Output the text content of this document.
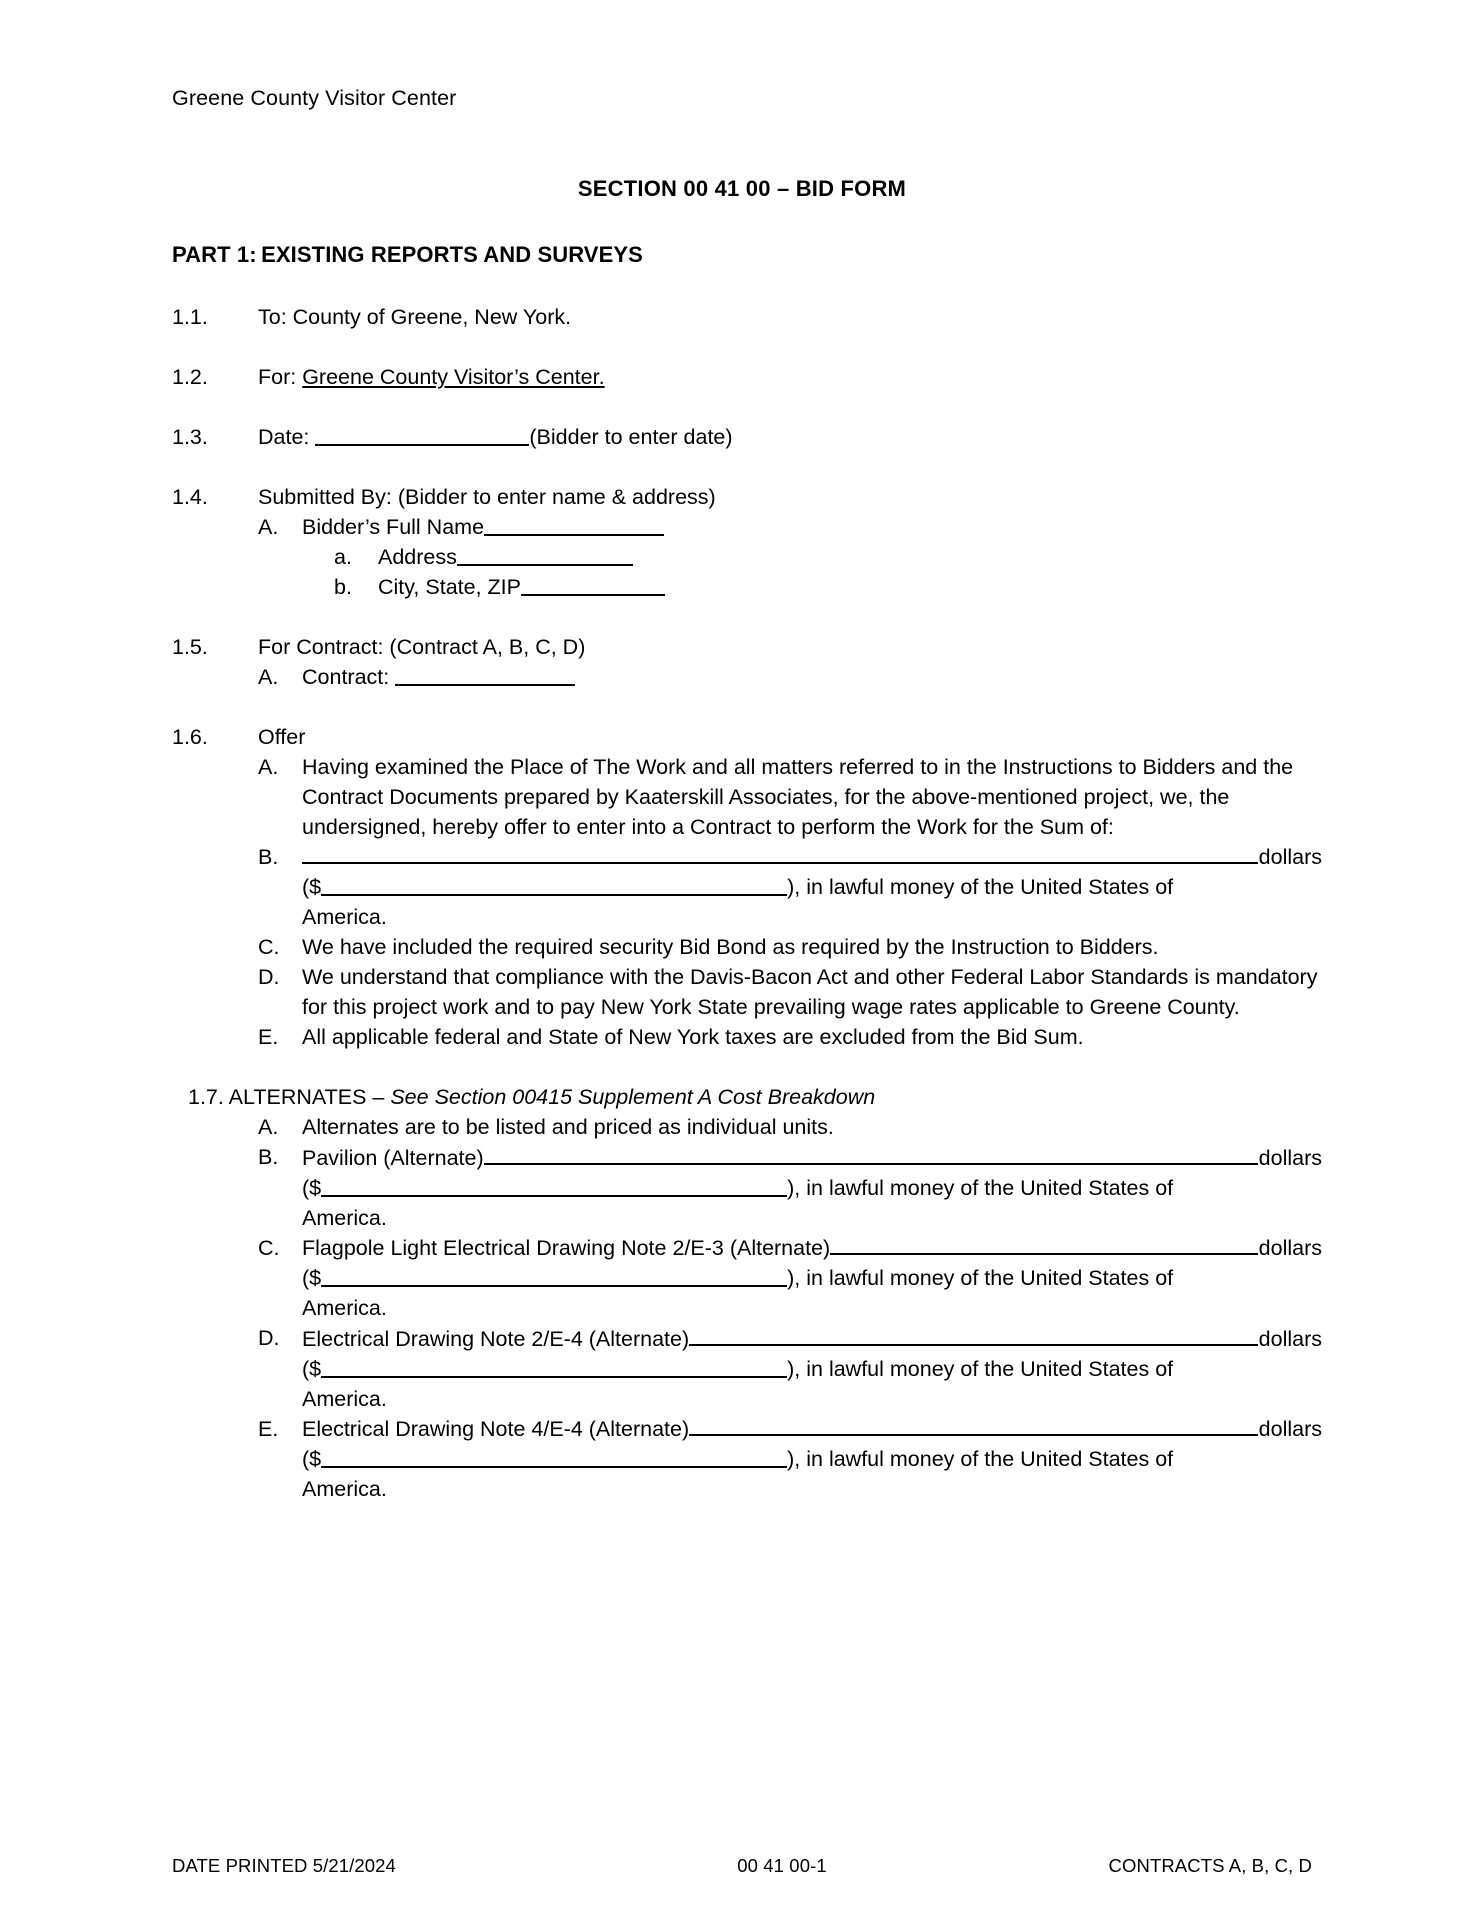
Greene County Visitor Center
SECTION 00 41 00 – BID FORM
PART 1: EXISTING REPORTS AND SURVEYS
1.1.	To: County of Greene, New York.
1.2.	For: Greene County Visitor’s Center.
1.3.	Date:	(Bidder to enter date)
1.4.	Submitted By: (Bidder to enter name & address)
A.	Bidder’s Full Name
a.	Address
b.	City, State, ZIP
1.5.	For Contract: (Contract A, B, C, D)
A.	Contract:
1.6.	Offer
A.	Having examined the Place of The Work and all matters referred to in the Instructions to Bidders and the Contract Documents prepared by Kaaterskill Associates, for the above-mentioned project, we, the undersigned, hereby offer to enter into a Contract to perform the Work for the Sum of:
B.	dollars
($	), in lawful money of the United States of
America.
C.	We have included the required security Bid Bond as required by the Instruction to Bidders.
D.	We understand that compliance with the Davis-Bacon Act and other Federal Labor Standards is mandatory for this project work and to pay New York State prevailing wage rates applicable to Greene County.
E.	All applicable federal and State of New York taxes are excluded from the Bid Sum.
1.7. ALTERNATES – See Section 00415 Supplement A Cost Breakdown
A.	Alternates are to be listed and priced as individual units.
B.	Pavilion (Alternate)	dollars
($	), in lawful money of the United States of
America.
C.	Flagpole Light Electrical Drawing Note 2/E-3 (Alternate)	dollars
($	), in lawful money of the United States of
America.
D.	Electrical Drawing Note 2/E-4 (Alternate)	dollars
($	), in lawful money of the United States of
America.
E.	Electrical Drawing Note 4/E-4 (Alternate)	dollars
($	), in lawful money of the United States of
America.
DATE PRINTED 5/21/2024	00 41 00-1	CONTRACTS A, B, C, D
